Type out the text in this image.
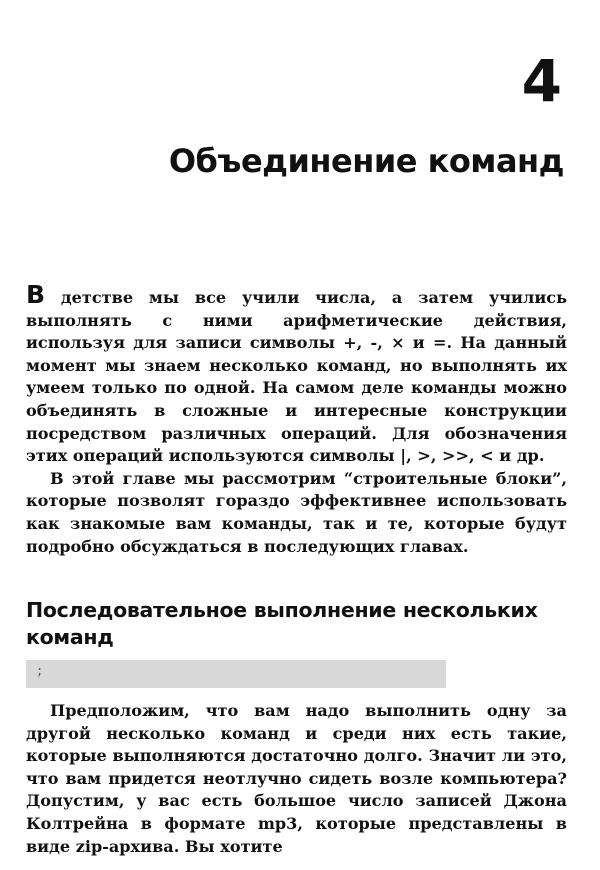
4
Объединение команд

В детстве мы все учили числа, а затем учились выполнять с ними арифметические действия, используя для записи символы +, -, × и =. На данный момент мы знаем несколько команд, но выполнять их умеем только по одной. На самом деле команды можно объединять в сложные и интересные конструкции посредством различных операций. Для обозначения этих операций используются символы |, >, >>, < и др.

В этой главе мы рассмотрим “строительные блоки”, которые позволят гораздо эффективнее использовать как знакомые вам команды, так и те, которые будут подробно обсуждаться в последующих главах.

Последовательное выполнение нескольких команд
;

Предположим, что вам надо выполнить одну за другой несколько команд и среди них есть такие, которые выполняются достаточно долго. Значит ли это, что вам придется неотлучно сидеть возле компьютера? Допустим, у вас есть большое число записей Джона Колтрейна в формате mp3, которые представлены в виде zip-архива. Вы хотите
